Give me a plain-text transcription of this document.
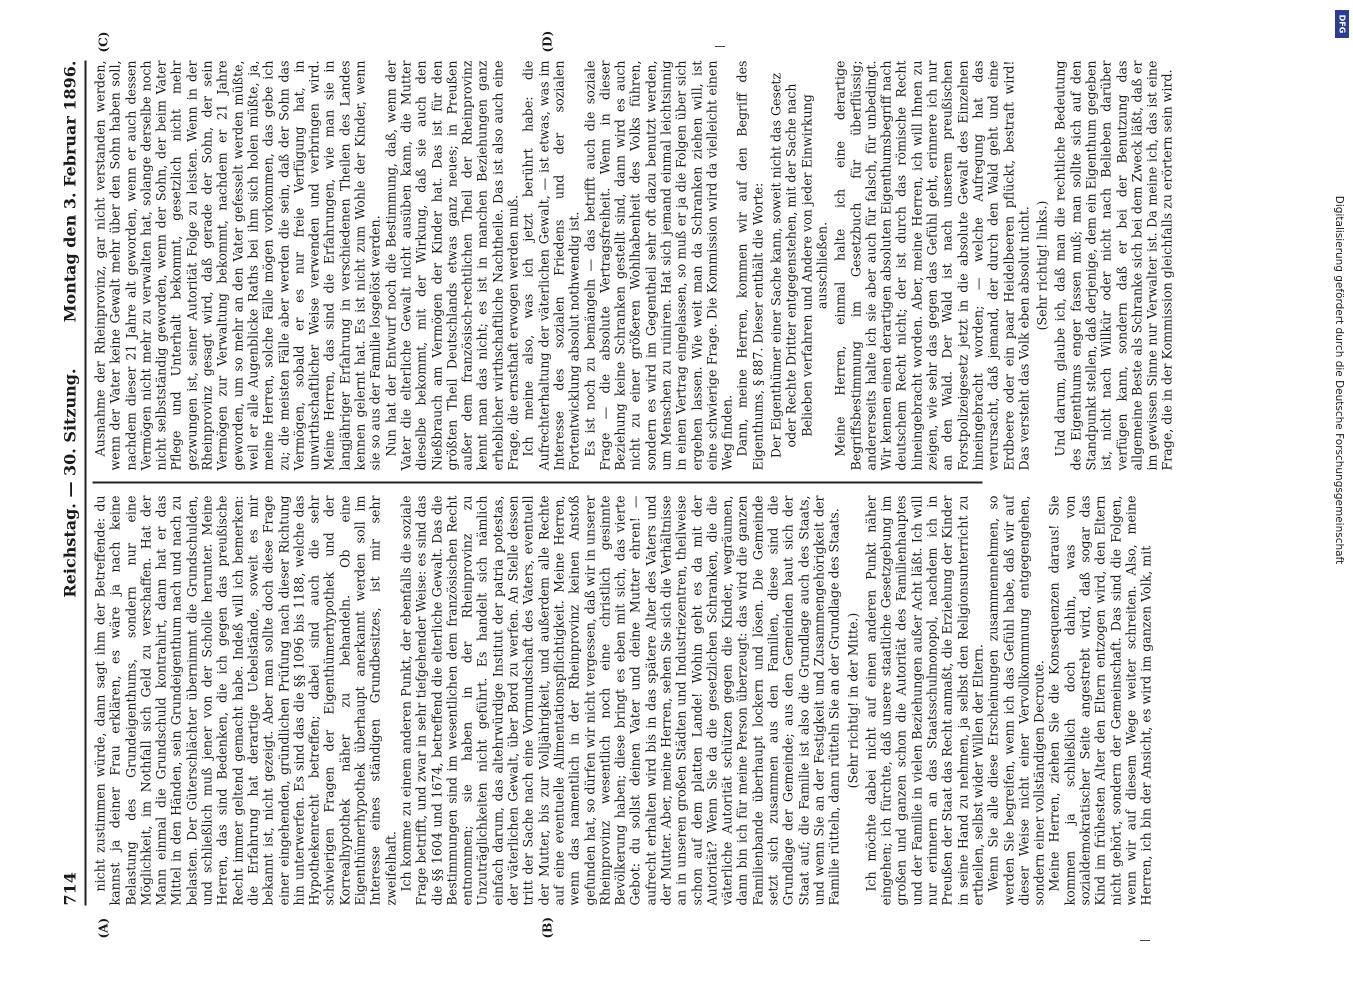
714
Reichstag. — 30. Sitzung.
Montag den 3. Februar 1896.
(A)	(B)
(C)	(D)

nicht zustimmen würde, dann sagt ihm der Betreffende: du kannst ja deiner Frau erklären, es wäre ja nach keine Belastung des Grundeigenthums, sondern nur eine Möglichkeit, im Nothfall sich Geld zu verschaffen. Hat der Mann einmal die Grundschuld kontrahirt, dann hat er das Mittel in den Händen, sein Grundeigenthum nach und nach zu belasten. Der Güterschlächter übernimmt die Grundschulden, und schließlich muß jener von der Scholle herunter. Meine Herren, das sind Bedenken, die ich gegen das preußische Recht immer geltend gemacht habe. Indeß will ich bemerken: die Erfahrung hat derartige Uebelstände, soweit es mir bekannt ist, nicht gezeigt. Aber man sollte doch diese Frage einer eingehenden, gründlichen Prüfung nach dieser Richtung hin unterwerfen. Es sind das die §§ 1096 bis 1188, welche das Hypothekenrecht betreffen; dabei sind auch die sehr schwierigen Fragen der Eigenthümerhypothek und der Korrealhypothek näher zu behandeln. Ob eine Eigenthümerhypothek überhaupt anerkannt werden soll im Interesse eines ständigen Grundbesitzes, ist mir sehr zweifelhaft. Ich komme zu einem anderen Punkt, der ebenfalls die soziale Frage betrifft, und zwar in sehr tiefgehender Weise: es sind das die §§ 1604 und 1674, betreffend die elterliche Gewalt. Das die Bestimmungen sind im wesentlichen dem französischen Recht entnommen; sie haben in der Rheinprovinz zu Unzuträglichkeiten nicht geführt. Es handelt sich nämlich einfach darum, das altehrwürdige Institut der patria potestas, der väterlichen Gewalt, über Bord zu werfen. An Stelle dessen tritt der Sache nach eine Vormundschaft des Vaters, eventuell der Mutter, bis zur Volljährigkeit, und außerdem alle Rechte auf eine eventuelle Alimentationspflichtigkeit. Meine Herren, wenn das namentlich in der Rheinprovinz keinen Anstoß gefunden hat, so dürfen wir nicht vergessen, daß wir in unserer Rheinprovinz wesentlich noch eine christlich gesinnte Bevölkerung haben; diese bringt es eben mit sich, das vierte Gebot: du sollst deinen Vater und deine Mutter ehren! — aufrecht erhalten wird bis in das spätere Alter des Vaters und der Mutter. Aber, meine Herren, sehen Sie sich die Verhältnisse an in unseren großen Städten und Industriezentren, theilweise schon auf dem platten Lande! Wohin geht es da mit der Autorität? Wenn Sie da die gesetzlichen Schranken, die die väterliche Autorität schützen gegen die Kinder, wegräumen, dann bin ich für meine Person überzeugt: das wird die ganzen Familienbande überhaupt lockern und lösen. Die Gemeinde setzt sich zusammen aus den Familien, diese sind die Grundlage der Gemeinde; aus den Gemeinden baut sich der Staat auf; die Familie ist also die Grundlage auch des Staats, und wenn Sie an der Festigkeit und Zusammengehörigkeit der Familie rütteln, dann rütteln Sie an der Grundlage des Staats. (Sehr richtig! in der Mitte.) Ich möchte dabei nicht auf einen anderen Punkt näher eingehen; ich fürchte, daß unsere staatliche Gesetzgebung im großen und ganzen schon die Autorität des Familienhauptes und der Familie in vielen Beziehungen außer Acht läßt. Ich will nur erinnern an das Staatsschulmonopol, nachdem ich in Preußen der Staat das Recht anmaßt, die Erziehung der Kinder in seine Hand zu nehmen, ja selbst den Religionsunterricht zu ertheilen, selbst wider Willen der Eltern. Wenn Sie alle diese Erscheinungen zusammennehmen, so werden Sie begreifen, wenn ich das Gefühl habe, daß wir auf dieser Weise nicht einer Vervollkommnung entgegengehen, sondern einer vollständigen Decroute. Meine Herren, ziehen Sie die Konsequenzen daraus! Sie kommen ja schließlich doch dahin, was von sozialdemokratischer Seite angestrebt wird, daß sogar das Kind im frühesten Alter den Eltern entzogen wird, den Eltern nicht gehört, sondern der Gemeinschaft. Das sind die Folgen, wenn wir auf diesem Wege weiter schreiten. Also, meine Herren, ich bin der Ansicht, es wird im ganzen Volk, mit

Ausnahme der Rheinprovinz, gar nicht verstanden werden, wenn der Vater keine Gewalt mehr über den Sohn haben soll, nachdem dieser 21 Jahre alt geworden, wenn er auch dessen Vermögen nicht mehr zu verwalten hat, solange derselbe noch nicht selbstständig geworden, wenn der Sohn, der beim Vater Pflege und Unterhalt bekommt, gesetzlich nicht mehr gezwungen ist, seiner Autorität Folge zu leisten. Wenn in der Rheinprovinz gesagt wird, daß gerade der Sohn, der sein Vermögen zur Verwaltung bekommt, nachdem er 21 Jahre geworden, um so mehr an den Vater gefesselt werden müßte, weil er alle Augenblicke Raths bei ihm sich holen müßte, ja, meine Herren, solche Fälle mögen vorkommen, das gebe ich zu; die meisten Fälle aber werden die sein, daß der Sohn das Vermögen, sobald er es nur freie Verfügung hat, in unwirthschaftlicher Weise verwenden und verbringen wird. Meine Herren, das sind die Erfahrungen, wie man sie in langjähriger Erfahrung in verschiedenen Theilen des Landes kennen gelernt hat. Es ist nicht zum Wohle der Kinder, wenn sie so aus der Familie losgelöst werden. Nun hat der Entwurf noch die Bestimmung, daß, wenn der Vater die elterliche Gewalt nicht ausüben kann, die Mutter dieselbe bekommt, mit der Wirkung, daß sie auch den Nießbrauch am Vermögen der Kinder hat. Das ist für den größten Theil Deutschlands etwas ganz neues; in Preußen außer dem französisch-rechtlichen Theil der Rheinprovinz kennt man das nicht; es ist in manchen Beziehungen ganz erheblicher wirthschaftliche Nachtheile. Das ist also auch eine Frage, die ernsthaft erwogen werden muß. Ich meine also, was ich jetzt berührt habe: die Aufrechterhaltung der väterlichen Gewalt, — ist etwas, was im Interesse des sozialen Friedens und der sozialen Fortentwicklung absolut nothwendig ist. Es ist noch zu bemängeln — das betrifft auch die soziale Frage — die absolute Vertragsfreiheit. Wenn in dieser Beziehung keine Schranken gestellt sind, dann wird es auch nicht zu einer größeren Wohlhabenheit des Volks führen, sondern es wird im Gegentheil sehr oft dazu benutzt werden, um Menschen zu ruiniren. Hat sich jemand einmal leichtsinnig in einen Vertrag eingelassen, so muß er ja die Folgen über sich ergehen lassen. Wie weit man da Schranken ziehen will, ist eine schwierige Frage. Die Kommission wird da vielleicht einen Weg finden. Dann, meine Herren, kommen wir auf den Begriff des Eigenthums, § 887. Dieser enthält die Worte: Der Eigenthümer einer Sache kann, soweit nicht das Gesetz oder Rechte Dritter entgegenstehen, mit der Sache nach Belieben verfahren und Andere von jeder Einwirkung ausschließen. Meine Herren, einmal halte ich eine derartige Begriffsbestimmung im Gesetzbuch für überflüssig; andererseits halte ich sie aber auch für falsch, für unbedingt. Wir kennen einen derartigen absoluten Eigenthumsbegriff nach deutschem Recht nicht; der ist durch das römische Recht hineingebracht worden. Aber, meine Herren, ich will Ihnen zu zeigen, wie sehr das gegen das Gefühl geht, erinnere ich nur an den Wald. Der Wald ist nach unserem preußischen Forstpolizeigesetz jetzt in die absolute Gewalt des Einzelnen hineingebracht worden; — welche Aufregung hat das verursacht, daß jemand, der durch den Wald geht und eine Erdbeere oder ein paar Heidelbeeren pflückt, bestraft wird! Das versteht das Volk eben absolut nicht. (Sehr richtig! links.) Und darum, glaube ich, daß man die rechtliche Bedeutung des Eigenthums enger fassen muß; man sollte sich auf den Standpunkt stellen, daß derjenige, dem ein Eigenthum gegeben ist, nicht nach Willkür oder nicht nach Belieben darüber verfügen kann, sondern daß er bei der Benutzung das allgemeine Beste als Schranke sich bei dem Zweck läßt, daß er im gewissen Sinne nur Verwalter ist. Da meine ich, das ist eine Frage, die in der Kommission gleichfalls zu erörtern sein wird.	Digitalisierung gefördert durch die Deutsche Forschungsgemeinschaft
DFG
